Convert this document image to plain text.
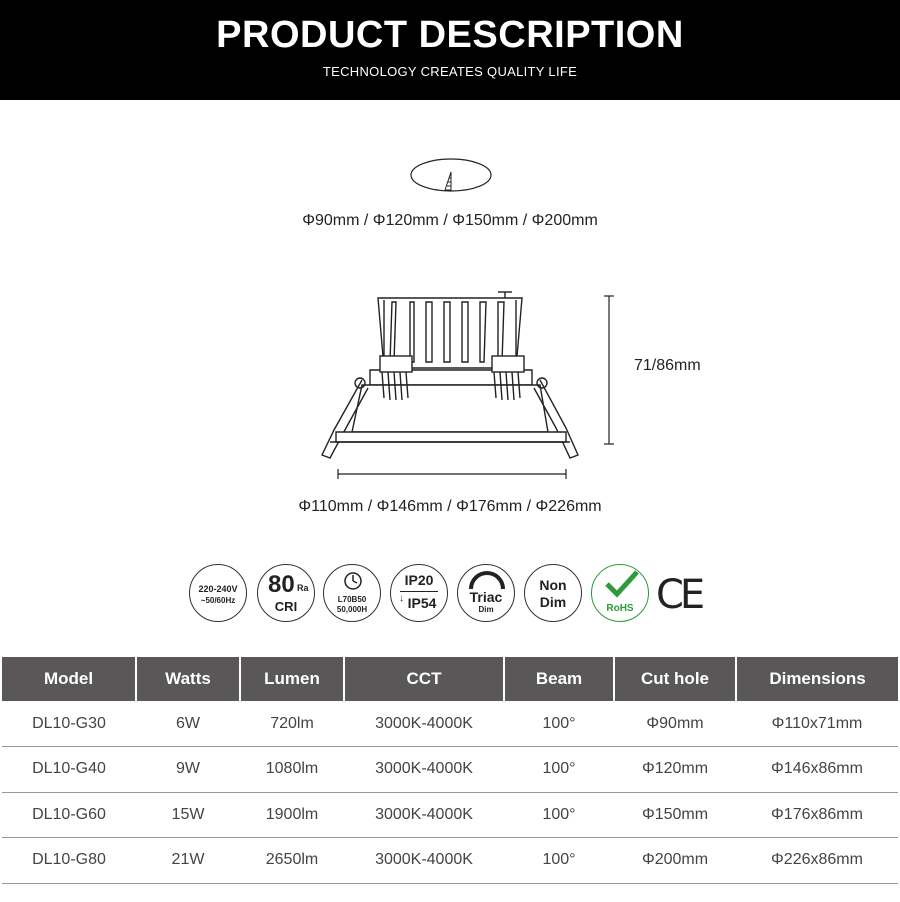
PRODUCT DESCRIPTION
TECHNOLOGY CREATES QUALITY LIFE
Φ90mm / Φ120mm / Φ150mm / Φ200mm
71/86mm
Φ110mm / Φ146mm / Φ176mm / Φ226mm
220-240V
~50/60Hz
80 Ra
CRI	L70B50
50,000H
IP20
IP54
↓	Triac
Dim
Non
Dim	RoHS CE
Model	Watts	Lumen	CCT	Beam	Cut hole	Dimensions
DL10-G30	6W	720lm	3000K-4000K	100°	Φ90mm	Φ110x71mm
DL10-G40	9W	1080lm	3000K-4000K	100°	Φ120mm	Φ146x86mm
DL10-G60	15W	1900lm	3000K-4000K	100°	Φ150mm	Φ176x86mm
DL10-G80	21W	2650lm	3000K-4000K	100°	Φ200mm	Φ226x86mm
